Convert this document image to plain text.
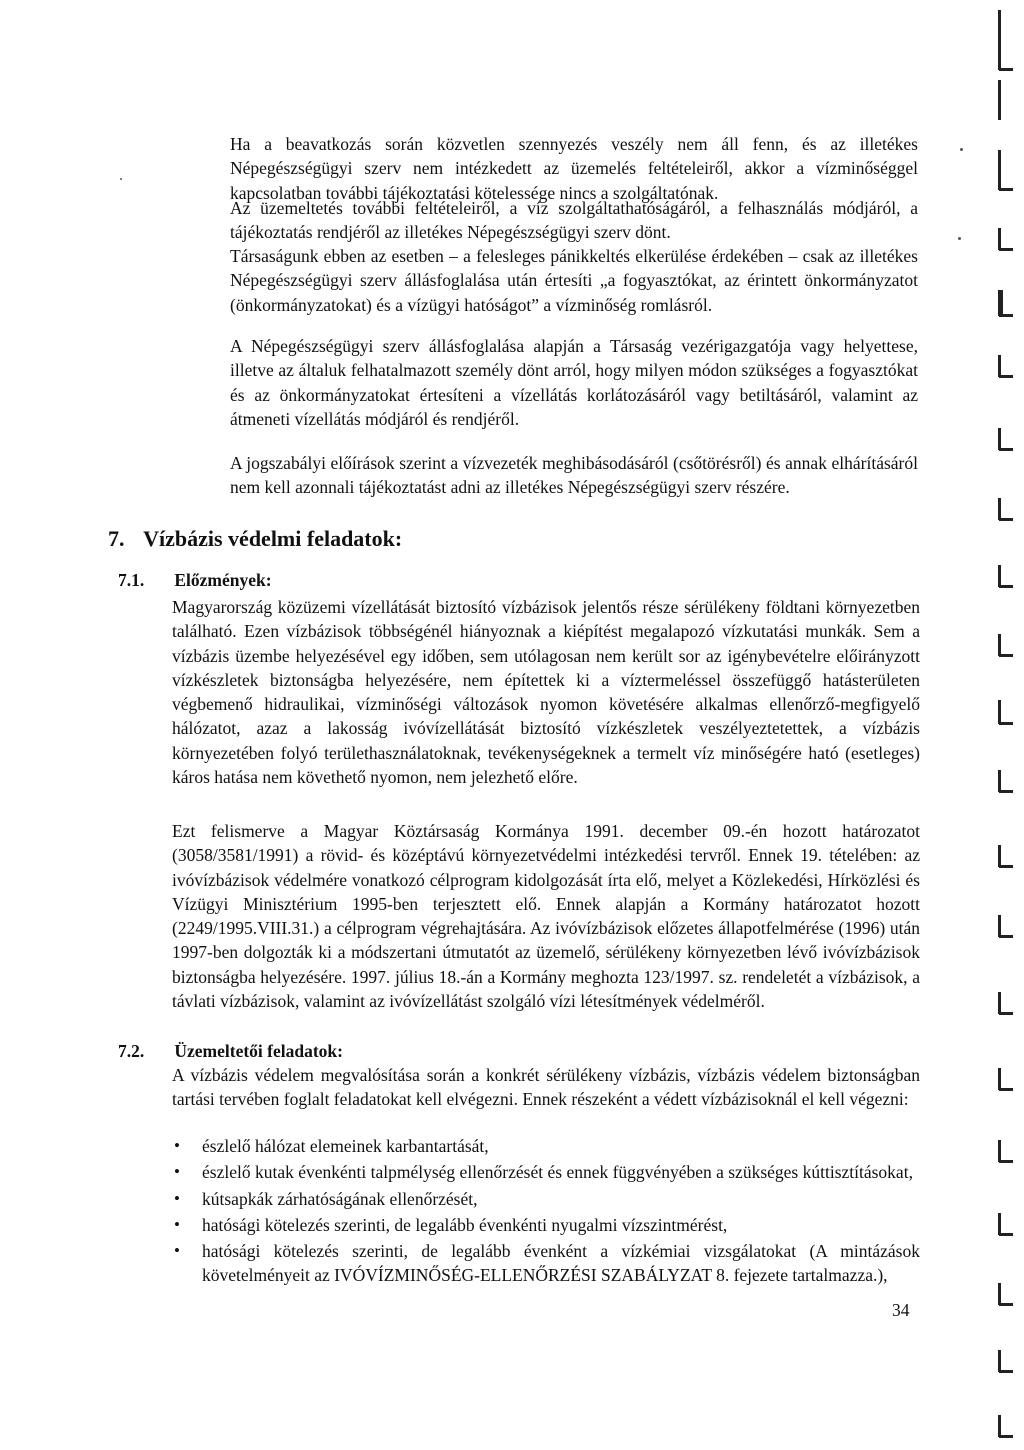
Ha a beavatkozás során közvetlen szennyezés veszély nem áll fenn, és az illetékes Népegészségügyi szerv nem intézkedett az üzemelés feltételeiről, akkor a vízminőséggel kapcsolatban további tájékoztatási kötelessége nincs a szolgáltatónak.

Az üzemeltetés további feltételeiről, a víz szolgáltathatóságáról, a felhasználás módjáról, a tájékoztatás rendjéről az illetékes Népegészségügyi szerv dönt.

Társaságunk ebben az esetben – a felesleges pánikkeltés elkerülése érdekében – csak az illetékes Népegészségügyi szerv állásfoglalása után értesíti „a fogyasztókat, az érintett önkormányzatot (önkormányzatokat) és a vízügyi hatóságot” a vízminőség romlásról.

A Népegészségügyi szerv állásfoglalása alapján a Társaság vezérigazgatója vagy helyettese, illetve az általuk felhatalmazott személy dönt arról, hogy milyen módon szükséges a fogyasztókat és az önkormányzatokat értesíteni a vízellátás korlátozásáról vagy betiltásáról, valamint az átmeneti vízellátás módjáról és rendjéről.

A jogszabályi előírások szerint a vízvezeték meghibásodásáról (csőtörésről) és annak elhárításáról nem kell azonnali tájékoztatást adni az illetékes Népegészségügyi szerv részére.

7. Vízbázis védelmi feladatok:
7.1. Előzmények:

Magyarország közüzemi vízellátását biztosító vízbázisok jelentős része sérülékeny földtani környezetben található. Ezen vízbázisok többségénél hiányoznak a kiépítést megalapozó vízkutatási munkák. Sem a vízbázis üzembe helyezésével egy időben, sem utólagosan nem került sor az igénybevételre előirányzott vízkészletek biztonságba helyezésére, nem építettek ki a víztermeléssel összefüggő hatásterületen végbemenő hidraulikai, vízminőségi változások nyomon követésére alkalmas ellenőrző-megfigyelő hálózatot, azaz a lakosság ivóvízellátását biztosító vízkészletek veszélyeztetettek, a vízbázis környezetében folyó területhasználatoknak, tevékenységeknek a termelt víz minőségére ható (esetleges) káros hatása nem követhető nyomon, nem jelezhető előre.

Ezt felismerve a Magyar Köztársaság Kormánya 1991. december 09.-én hozott határozatot (3058/3581/1991) a rövid- és középtávú környezetvédelmi intézkedési tervről. Ennek 19. tételében: az ivóvízbázisok védelmére vonatkozó célprogram kidolgozását írta elő, melyet a Közlekedési, Hírközlési és Vízügyi Minisztérium 1995-ben terjesztett elő. Ennek alapján a Kormány határozatot hozott (2249/1995.VIII.31.) a célprogram végrehajtására. Az ivóvízbázisok előzetes állapotfelmérése (1996) után 1997-ben dolgozták ki a módszertani útmutatót az üzemelő, sérülékeny környezetben lévő ivóvízbázisok biztonságba helyezésére. 1997. július 18.-án a Kormány meghozta 123/1997. sz. rendeletét a vízbázisok, a távlati vízbázisok, valamint az ivóvízellátást szolgáló vízi létesítmények védelméről.

7.2. Üzemeltetői feladatok:

A vízbázis védelem megvalósítása során a konkrét sérülékeny vízbázis, vízbázis védelem biztonságban tartási tervében foglalt feladatokat kell elvégezni. Ennek részeként a védett vízbázisoknál el kell végezni:

• észlelő hálózat elemeinek karbantartását,
• észlelő kutak évenkénti talpmélység ellenőrzését és ennek függvényében a szükséges kúttisztításokat,
• kútsapkák zárhatóságának ellenőrzését,
• hatósági kötelezés szerinti, de legalább évenkénti nyugalmi vízszintmérést,
• hatósági kötelezés szerinti, de legalább évenként a vízkémiai vizsgálatokat (A mintázások követelményeit az IVÓVÍZMINŐSÉG-ELLENŐRZÉSI SZABÁLYZAT 8. fejezete tartalmazza.),
34
